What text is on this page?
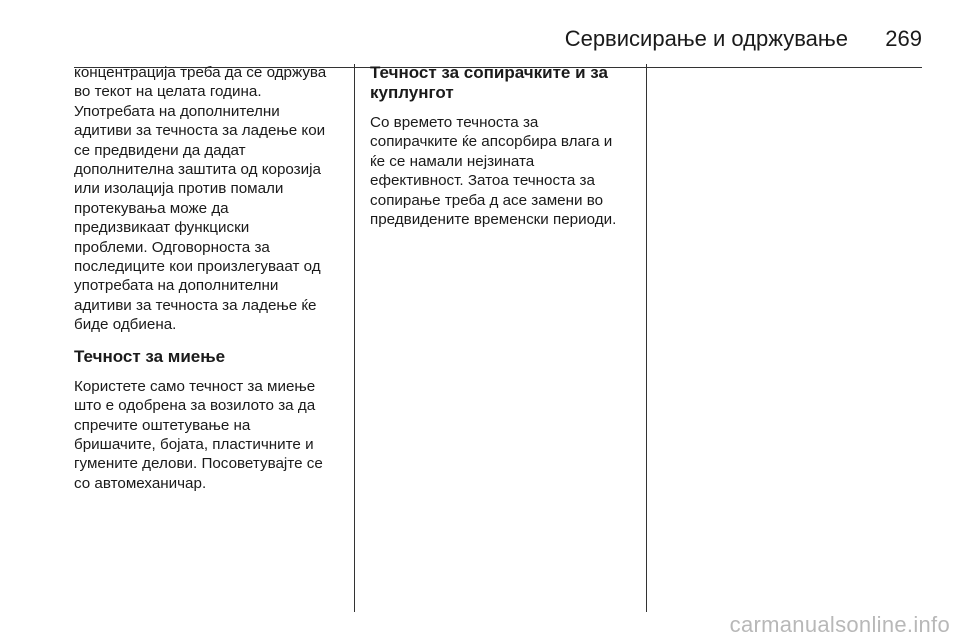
Сервисирање и одржување 269

концентрација треба да се одржува

во текот на целата година.

Употребата на дополнителни

адитиви за течноста за ладење кои

се предвидени да дадат

дополнителна заштита од корозија

или изолација против помали

протекувања може да

предизвикаат функциски

проблеми. Одговорноста за

последиците кои произлегуваат од

употребата на дополнителни

адитиви за течноста за ладење ќе

биде одбиена.

Течност за миење

Користете само течност за миење

што е одобрена за возилото за да

спречите оштетување на

бришачите, бојата, пластичните и

гумените делови. Посоветувајте се

со автомеханичар.

Течност за сопирачките и за
куплунгот

Со времето течноста за

сопирачките ќе апсорбира влага и

ќе се намали нејзината

ефективност. Затоа течноста за

сопирање треба д асе замени во

предвидените временски периоди.

carmanualsonline.info
